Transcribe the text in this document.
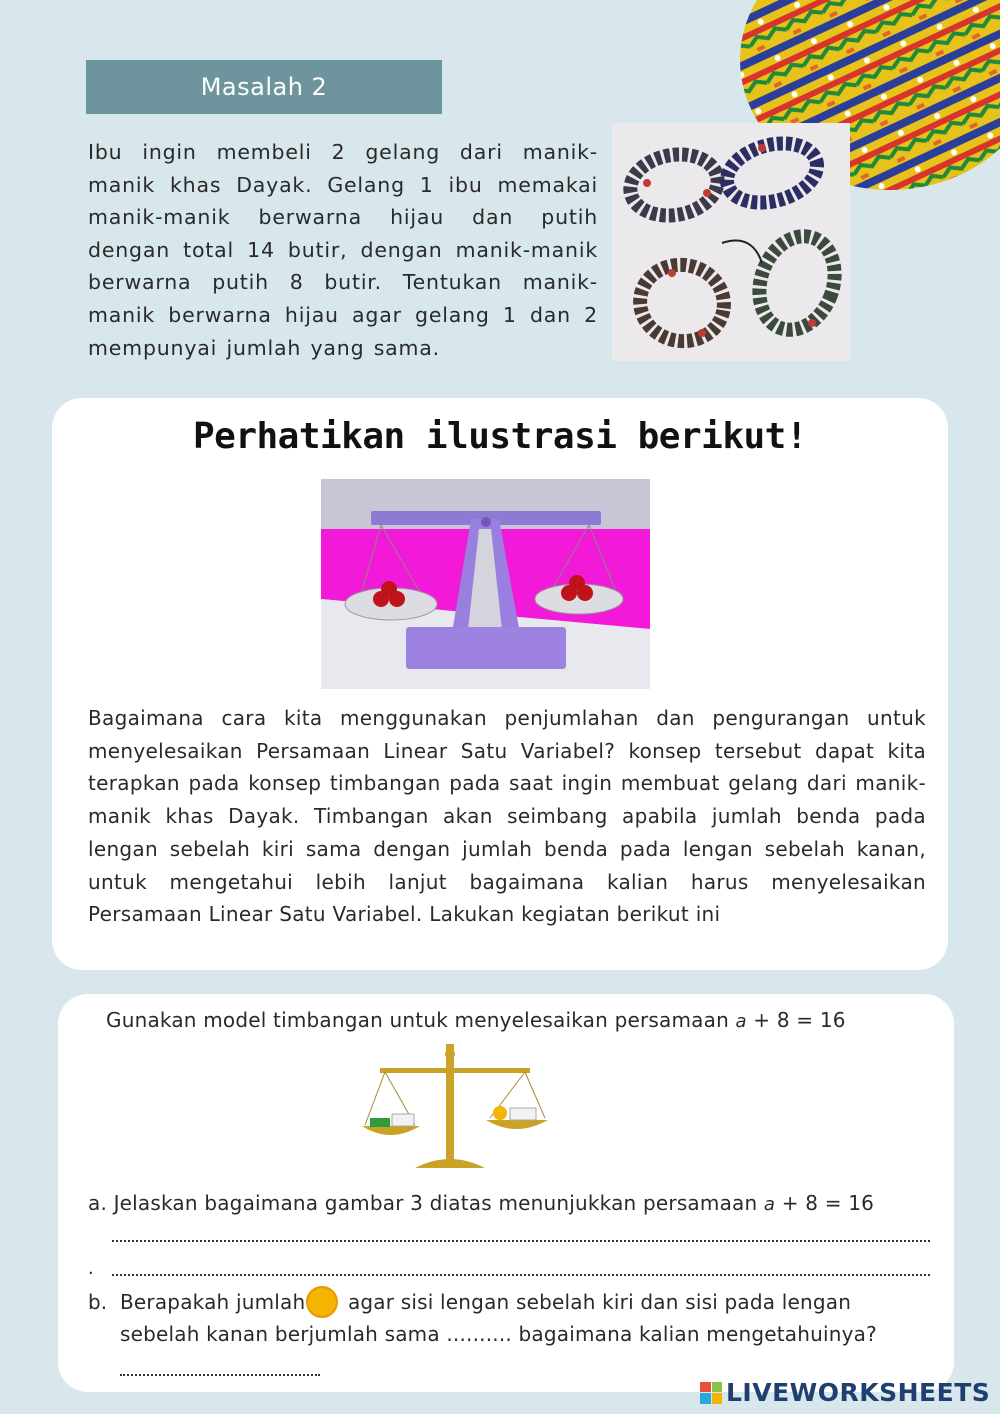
Masalah 2
Ibu ingin membeli 2 gelang dari manik-manik khas Dayak. Gelang 1 ibu memakai manik-manik berwarna hijau dan putih dengan total 14 butir, dengan manik-manik berwarna putih 8 butir. Tentukan manik-manik berwarna hijau agar gelang 1 dan 2 mempunyai jumlah yang sama.
Perhatikan ilustrasi berikut!
Bagaimana cara kita menggunakan penjumlahan dan pengurangan untuk menyelesaikan Persamaan Linear Satu Variabel? konsep tersebut dapat kita terapkan pada konsep timbangan pada saat ingin membuat gelang dari manik-manik khas Dayak. Timbangan akan seimbang apabila jumlah benda pada lengan sebelah kiri sama dengan jumlah benda pada lengan sebelah kanan, untuk mengetahui lebih lanjut bagaimana kalian harus menyelesaikan Persamaan Linear Satu Variabel. Lakukan kegiatan berikut ini
Gunakan model timbangan untuk menyelesaikan persamaan a + 8 = 16
a. Jelaskan bagaimana gambar 3 diatas menunjukkan persamaan a + 8 = 16
.
b. Berapakah jumlah
agar sisi lengan sebelah kiri dan sisi pada lengan
sebelah kanan berjumlah sama .......... bagaimana kalian mengetahuinya?
LIVEWORKSHEETS
